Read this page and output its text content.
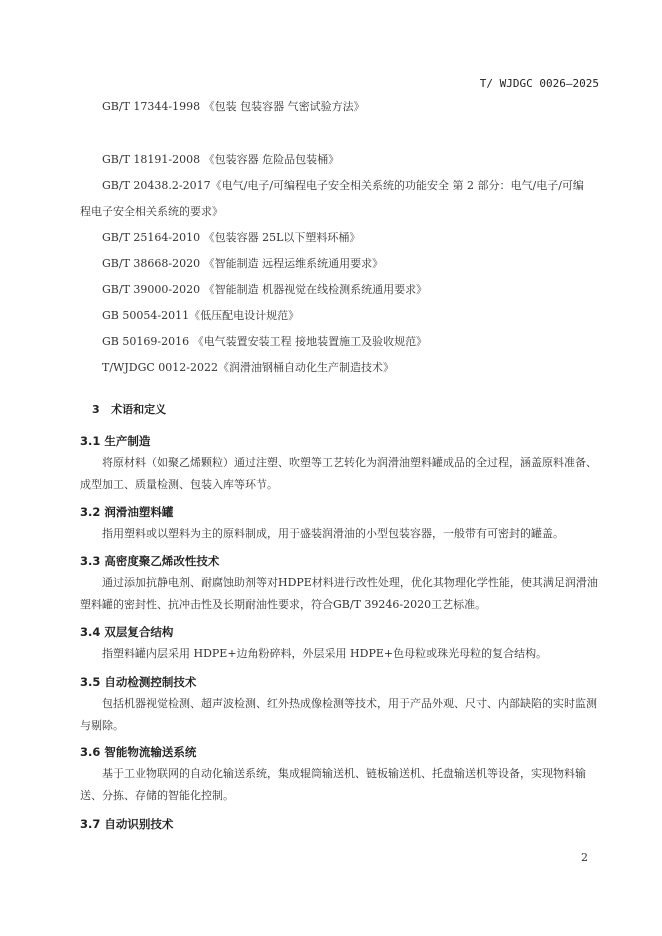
T/ WJDGC 0026—2025
GB/T 17344-1998 《包装 包装容器 气密试验方法》
GB/T 18191-2008 《包装容器 危险品包装桶》
GB/T 20438.2-2017《电气/电子/可编程电子安全相关系统的功能安全 第 2 部分：电气/电子/可编
程电子安全相关系统的要求》
GB/T 25164-2010 《包装容器 25L以下塑料环桶》
GB/T 38668-2020 《智能制造 远程运维系统通用要求》
GB/T 39000-2020 《智能制造 机器视觉在线检测系统通用要求》
GB 50054-2011《低压配电设计规范》
GB 50169-2016 《电气装置安装工程 接地装置施工及验收规范》
T/WJDGC 0012-2022《润滑油钢桶自动化生产制造技术》
3 术语和定义
3.1 生产制造
将原材料（如聚乙烯颗粒）通过注塑、吹塑等工艺转化为润滑油塑料罐成品的全过程，涵盖原料准备、成型加工、质量检测、包装入库等环节。
3.2 润滑油塑料罐
指用塑料或以塑料为主的原料制成，用于盛装润滑油的小型包装容器，一般带有可密封的罐盖。
3.3 高密度聚乙烯改性技术
通过添加抗静电剂、耐腐蚀助剂等对HDPE材料进行改性处理，优化其物理化学性能，使其满足润滑油塑料罐的密封性、抗冲击性及长期耐油性要求，符合GB/T 39246-2020工艺标准。
3.4 双层复合结构
指塑料罐内层采用 HDPE+边角粉碎料，外层采用 HDPE+色母粒或珠光母粒的复合结构。
3.5 自动检测控制技术
包括机器视觉检测、超声波检测、红外热成像检测等技术，用于产品外观、尺寸、内部缺陷的实时监测与剔除。
3.6 智能物流输送系统
基于工业物联网的自动化输送系统，集成辊筒输送机、链板输送机、托盘输送机等设备，实现物料输送、分拣、存储的智能化控制。
3.7 自动识别技术
2
